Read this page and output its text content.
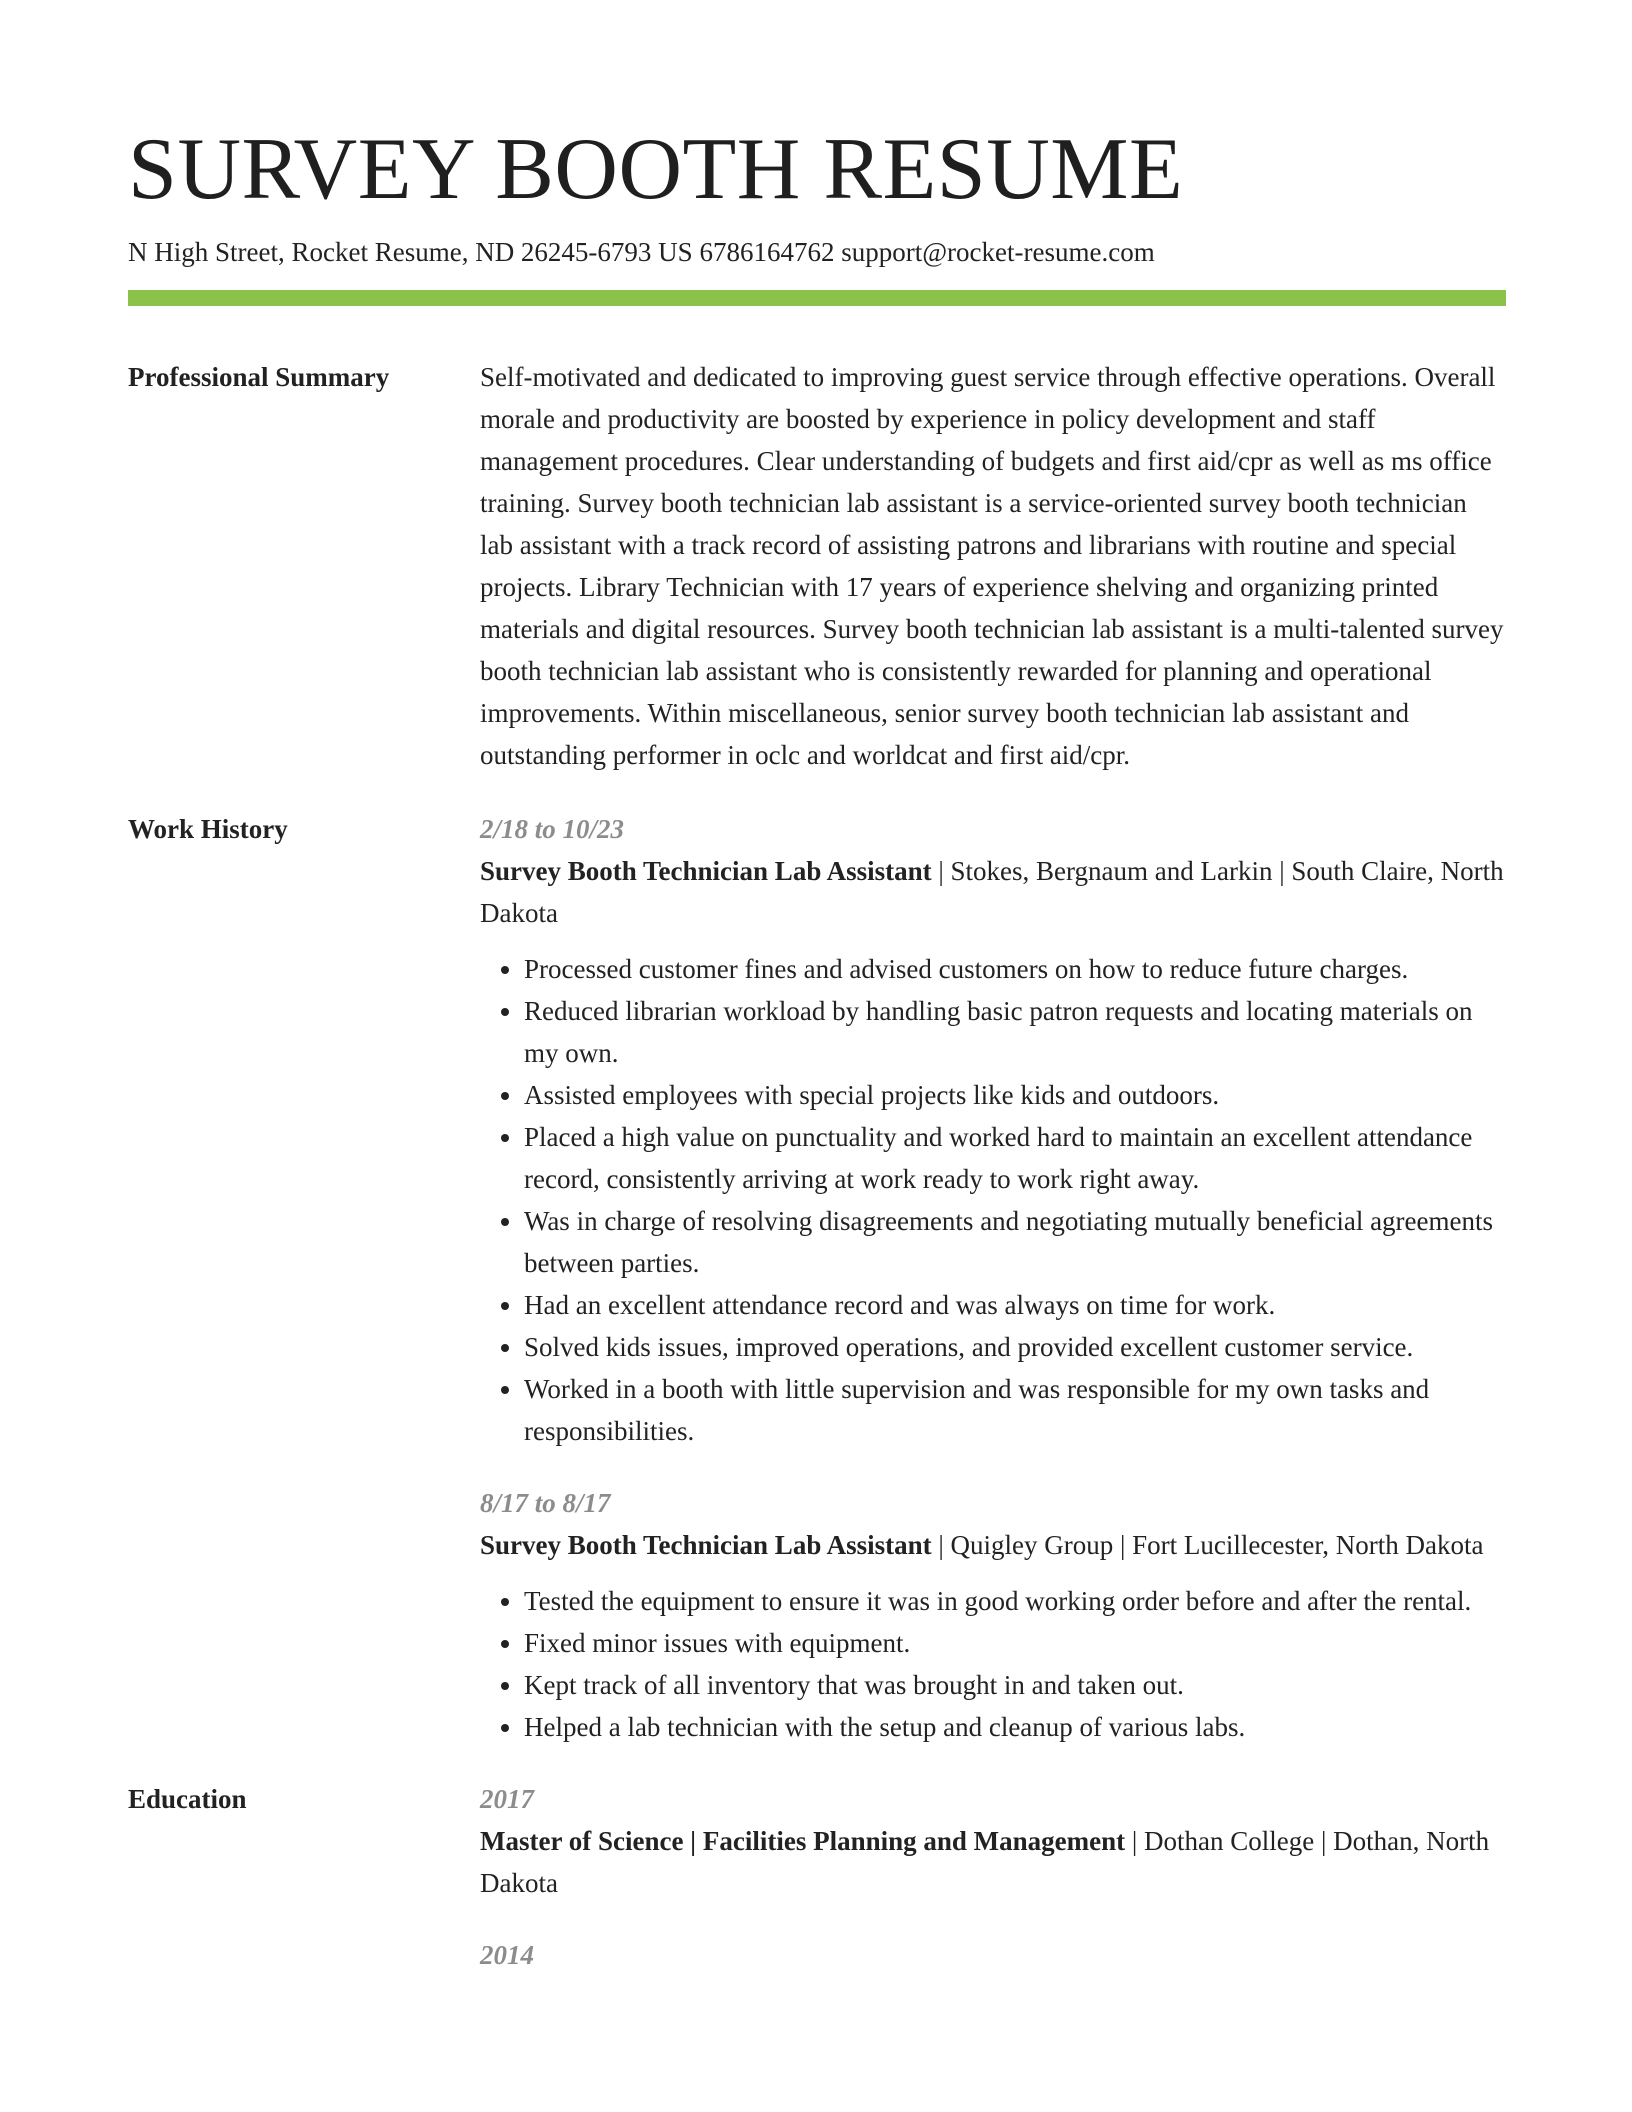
SURVEY BOOTH RESUME
N High Street, Rocket Resume, ND 26245-6793 US 6786164762 support@rocket-resume.com
Professional Summary	Self-motivated and dedicated to improving guest service through effective operations. Overall morale and productivity are boosted by experience in policy development and staff management procedures. Clear understanding of budgets and first aid/cpr as well as ms office training. Survey booth technician lab assistant is a service-oriented survey booth technician lab assistant with a track record of assisting patrons and librarians with routine and special projects. Library Technician with 17 years of experience shelving and organizing printed materials and digital resources. Survey booth technician lab assistant is a multi-talented survey booth technician lab assistant who is consistently rewarded for planning and operational improvements. Within miscellaneous, senior survey booth technician lab assistant and outstanding performer in oclc and worldcat and first aid/cpr.
Work History	2/18 to 10/23
Survey Booth Technician Lab Assistant | Stokes, Bergnaum and Larkin | South Claire, North Dakota
• Processed customer fines and advised customers on how to reduce future charges.
• Reduced librarian workload by handling basic patron requests and locating materials on my own.
• Assisted employees with special projects like kids and outdoors.
• Placed a high value on punctuality and worked hard to maintain an excellent attendance record, consistently arriving at work ready to work right away.
• Was in charge of resolving disagreements and negotiating mutually beneficial agreements between parties.
• Had an excellent attendance record and was always on time for work.
• Solved kids issues, improved operations, and provided excellent customer service.
• Worked in a booth with little supervision and was responsible for my own tasks and responsibilities.
8/17 to 8/17
Survey Booth Technician Lab Assistant | Quigley Group | Fort Lucillecester, North Dakota
• Tested the equipment to ensure it was in good working order before and after the rental.
• Fixed minor issues with equipment.
• Kept track of all inventory that was brought in and taken out.
• Helped a lab technician with the setup and cleanup of various labs.
Education	2017
Master of Science | Facilities Planning and Management | Dothan College | Dothan, North Dakota
2014
